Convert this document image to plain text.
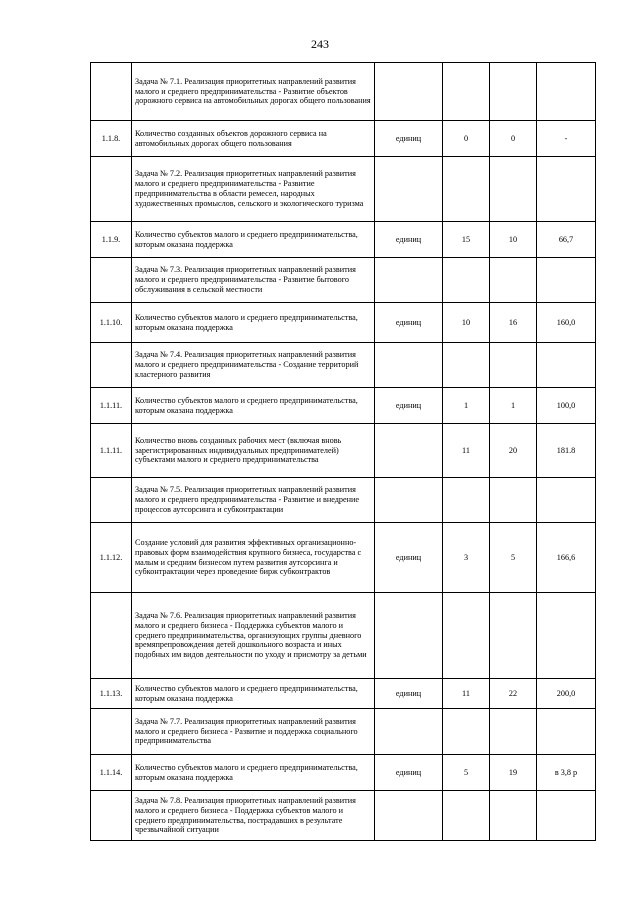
243
	Задача № 7.1. Реализация приоритетных направлений развития малого и среднего предпринимательства - Развитие объектов дорожного сервиса на автомобильных дорогах общего пользования				
1.1.8.	Количество созданных объектов дорожного сервиса на автомобильных дорогах общего пользования	единиц	0	0	-
	Задача № 7.2. Реализация приоритетных направлений развития малого и среднего предпринимательства - Развитие предпринимательства в области ремесел, народных художественных промыслов, сельского и экологического туризма				
1.1.9.	Количество субъектов малого и среднего предпринимательства, которым оказана поддержка	единиц	15	10	66,7
	Задача № 7.3. Реализация приоритетных направлений развития малого и среднего предпринимательства - Развитие бытового обслуживания в сельской местности				
1.1.10.	Количество субъектов малого и среднего предпринимательства, которым оказана поддержка	единиц	10	16	160,0
	Задача № 7.4. Реализация приоритетных направлений развития малого и среднего предпринимательства - Создание территорий кластерного развития				
1.1.11.	Количество субъектов малого и среднего предпринимательства, которым оказана поддержка	единиц	1	1	100,0
1.1.11.	Количество вновь созданных рабочих мест (включая вновь зарегистрированных индивидуальных предпринимателей) субъектами малого и среднего предпринимательства		11	20	181.8
	Задача № 7.5. Реализация приоритетных направлений развития малого и среднего предпринимательства - Развитие и внедрение процессов аутсорсинга и субконтрактации				
1.1.12.	Создание условий для развития эффективных организационно-правовых форм взаимодействия крупного бизнеса, государства с малым и средним бизнесом путем развития аутсорсинга и субконтрактации через проведение бирж субконтрактов	единиц	3	5	166,6
	Задача № 7.6. Реализация приоритетных направлений развития малого и среднего бизнеса - Поддержка субъектов малого и среднего предпринимательства, организующих группы дневного времяпрепровождения детей дошкольного возраста и иных подобных им видов деятельности по уходу и присмотру за детьми				
1.1.13.	Количество субъектов малого и среднего предпринимательства, которым оказана поддержка	единиц	11	22	200,0
	Задача № 7.7. Реализация приоритетных направлений развития малого и среднего бизнеса - Развитие и поддержка социального предпринимательства				
1.1.14.	Количество субъектов малого и среднего предпринимательства, которым оказана поддержка	единиц	5	19	в 3,8 р
	Задача № 7.8. Реализация приоритетных направлений развития малого и среднего бизнеса - Поддержка субъектов малого и среднего предпринимательства, пострадавших в результате чрезвычайной ситуации				
